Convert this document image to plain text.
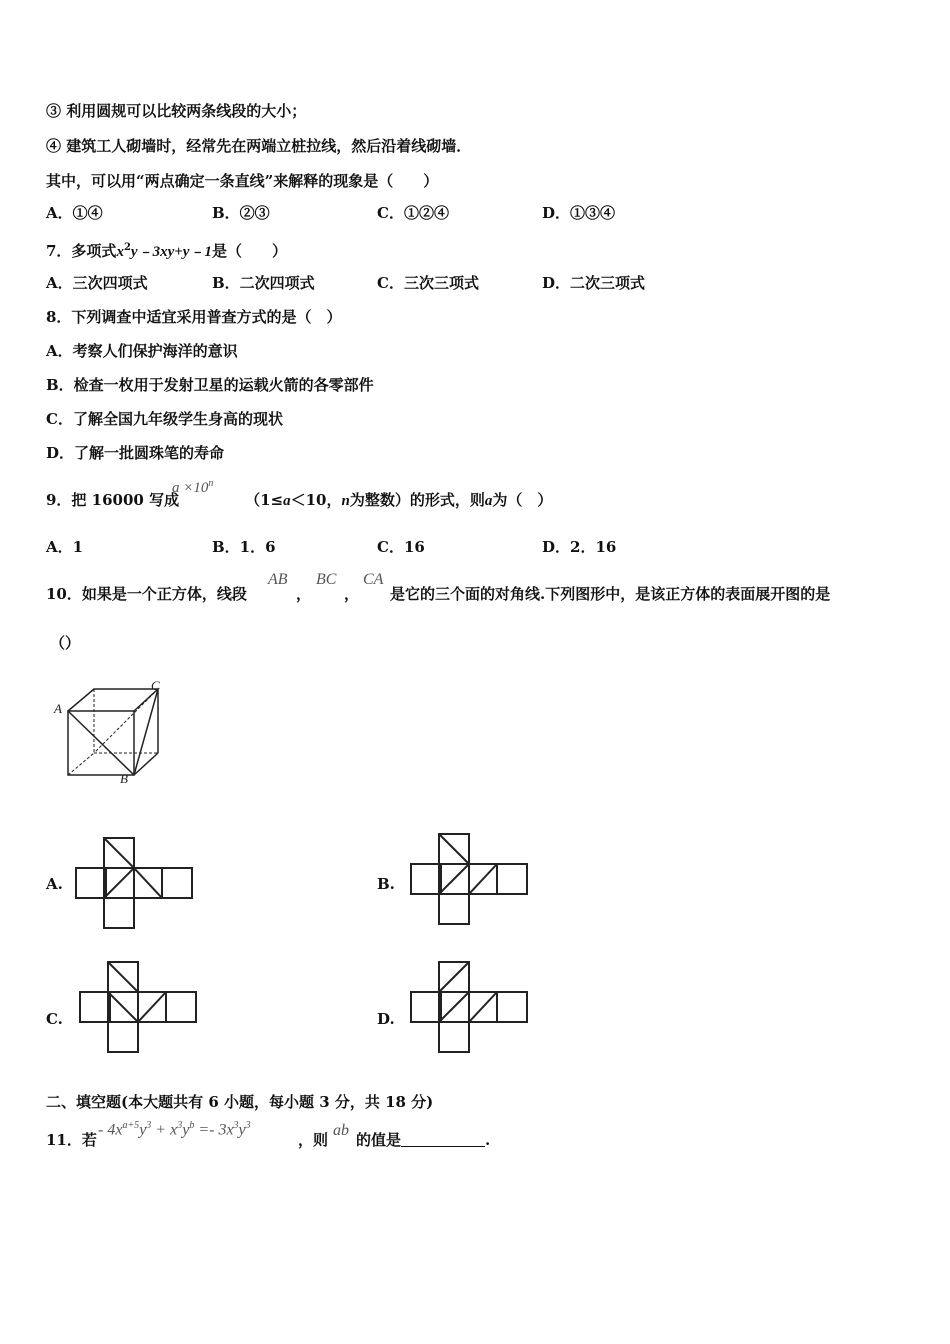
③ 利用圆规可以比较两条线段的大小；
④ 建筑工人砌墙时，经常先在两端立桩拉线，然后沿着线砌墙．
其中，可以用“两点确定一条直线”来解释的现象是（　　）
A．①④	B．②③	C．①②④	D．①③④
7．多项式$x^2y﹣3xy+y﹣1$是（　　）
A．三次四项式	B．二次四项式	C．三次三项式	D．二次三项式
8．下列调查中适宜采用普查方式的是（　）
A．考察人们保护海洋的意识
B．检查一枚用于发射卫星的运载火箭的各零部件
C．了解全国九年级学生身高的现状
D．了解一批圆珠笔的寿命
9．把 16000 写成	（1≤a＜10，n为整数）的形式，则a为（　）
$a \times 10^n$
A．1	B．1．6	C．16	D．2．16
10．如果是一个正方体，线段
AB
，
BC
，
CA
是它的三个面的对角线.下列图形中，是该正方体的表面展开图的是
（）
A
B
C
A.	B.
C.	D.
二、填空题(本大题共有 6 小题，每小题 3 分，共 18 分)
11．若
- $4x^{a+5}y^3 + x^3y^b =- 3x^3y^3$
，则
ab
的值是	.
